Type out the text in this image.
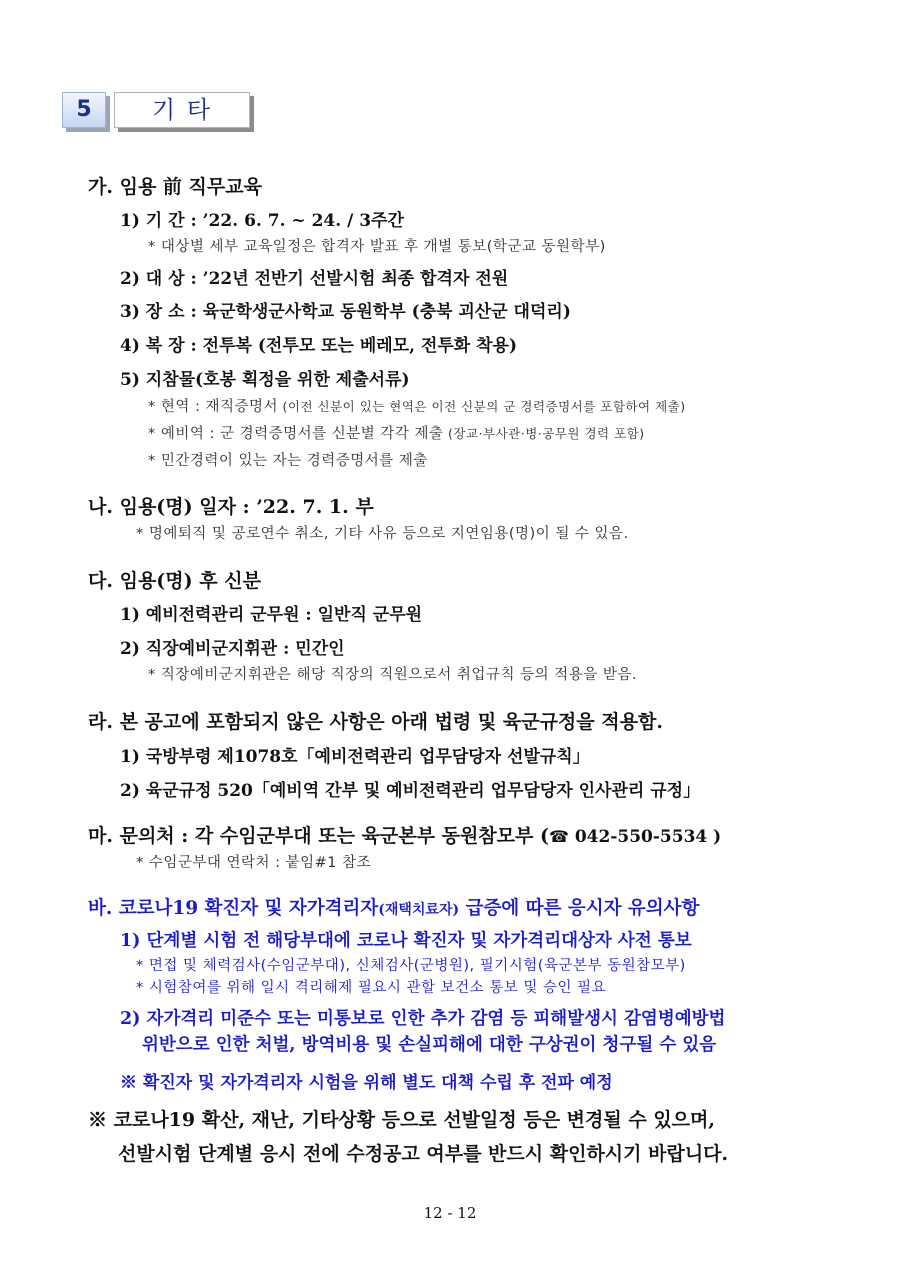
5	기 타
가. 임용 前 직무교육
1) 기 간 : ’22. 6. 7. ~ 24. / 3주간
* 대상별 세부 교육일정은 합격자 발표 후 개별 통보(학군교 동원학부)
2) 대 상 : ’22년 전반기 선발시험 최종 합격자 전원
3) 장 소 : 육군학생군사학교 동원학부 (충북 괴산군 대덕리)
4) 복 장 : 전투복 (전투모 또는 베레모, 전투화 착용)
5) 지참물(호봉 획정을 위한 제출서류)
* 현역 : 재직증명서 (이전 신분이 있는 현역은 이전 신분의 군 경력증명서를 포함하여 제출)
* 예비역 : 군 경력증명서를 신분별 각각 제출 (장교·부사관·병·공무원 경력 포함)
* 민간경력이 있는 자는 경력증명서를 제출
나. 임용(명) 일자 : ’22. 7. 1. 부
* 명예퇴직 및 공로연수 취소, 기타 사유 등으로 지연임용(명)이 될 수 있음.
다. 임용(명) 후 신분
1) 예비전력관리 군무원 : 일반직 군무원
2) 직장예비군지휘관 : 민간인
* 직장예비군지휘관은 해당 직장의 직원으로서 취업규칙 등의 적용을 받음.
라. 본 공고에 포함되지 않은 사항은 아래 법령 및 육군규정을 적용함.
1) 국방부령 제1078호「예비전력관리 업무담당자 선발규칙」
2) 육군규정 520「예비역 간부 및 예비전력관리 업무담당자 인사관리 규정」
마. 문의처 : 각 수임군부대 또는 육군본부 동원참모부 (☎ 042-550-5534 )
* 수임군부대 연락처 : 붙임#1 참조
바. 코로나19 확진자 및 자가격리자(재택치료자) 급증에 따른 응시자 유의사항
1) 단계별 시험 전 해당부대에 코로나 확진자 및 자가격리대상자 사전 통보
* 면접 및 체력검사(수임군부대), 신체검사(군병원), 필기시험(육군본부 동원참모부)
* 시험참여를 위해 일시 격리해제 필요시 관할 보건소 통보 및 승인 필요
2) 자가격리 미준수 또는 미통보로 인한 추가 감염 등 피해발생시 감염병예방법
위반으로 인한 처벌, 방역비용 및 손실피해에 대한 구상권이 청구될 수 있음
※ 확진자 및 자가격리자 시험을 위해 별도 대책 수립 후 전파 예정
※ 코로나19 확산, 재난, 기타상황 등으로 선발일정 등은 변경될 수 있으며,
선발시험 단계별 응시 전에 수정공고 여부를 반드시 확인하시기 바랍니다.
12 - 12
